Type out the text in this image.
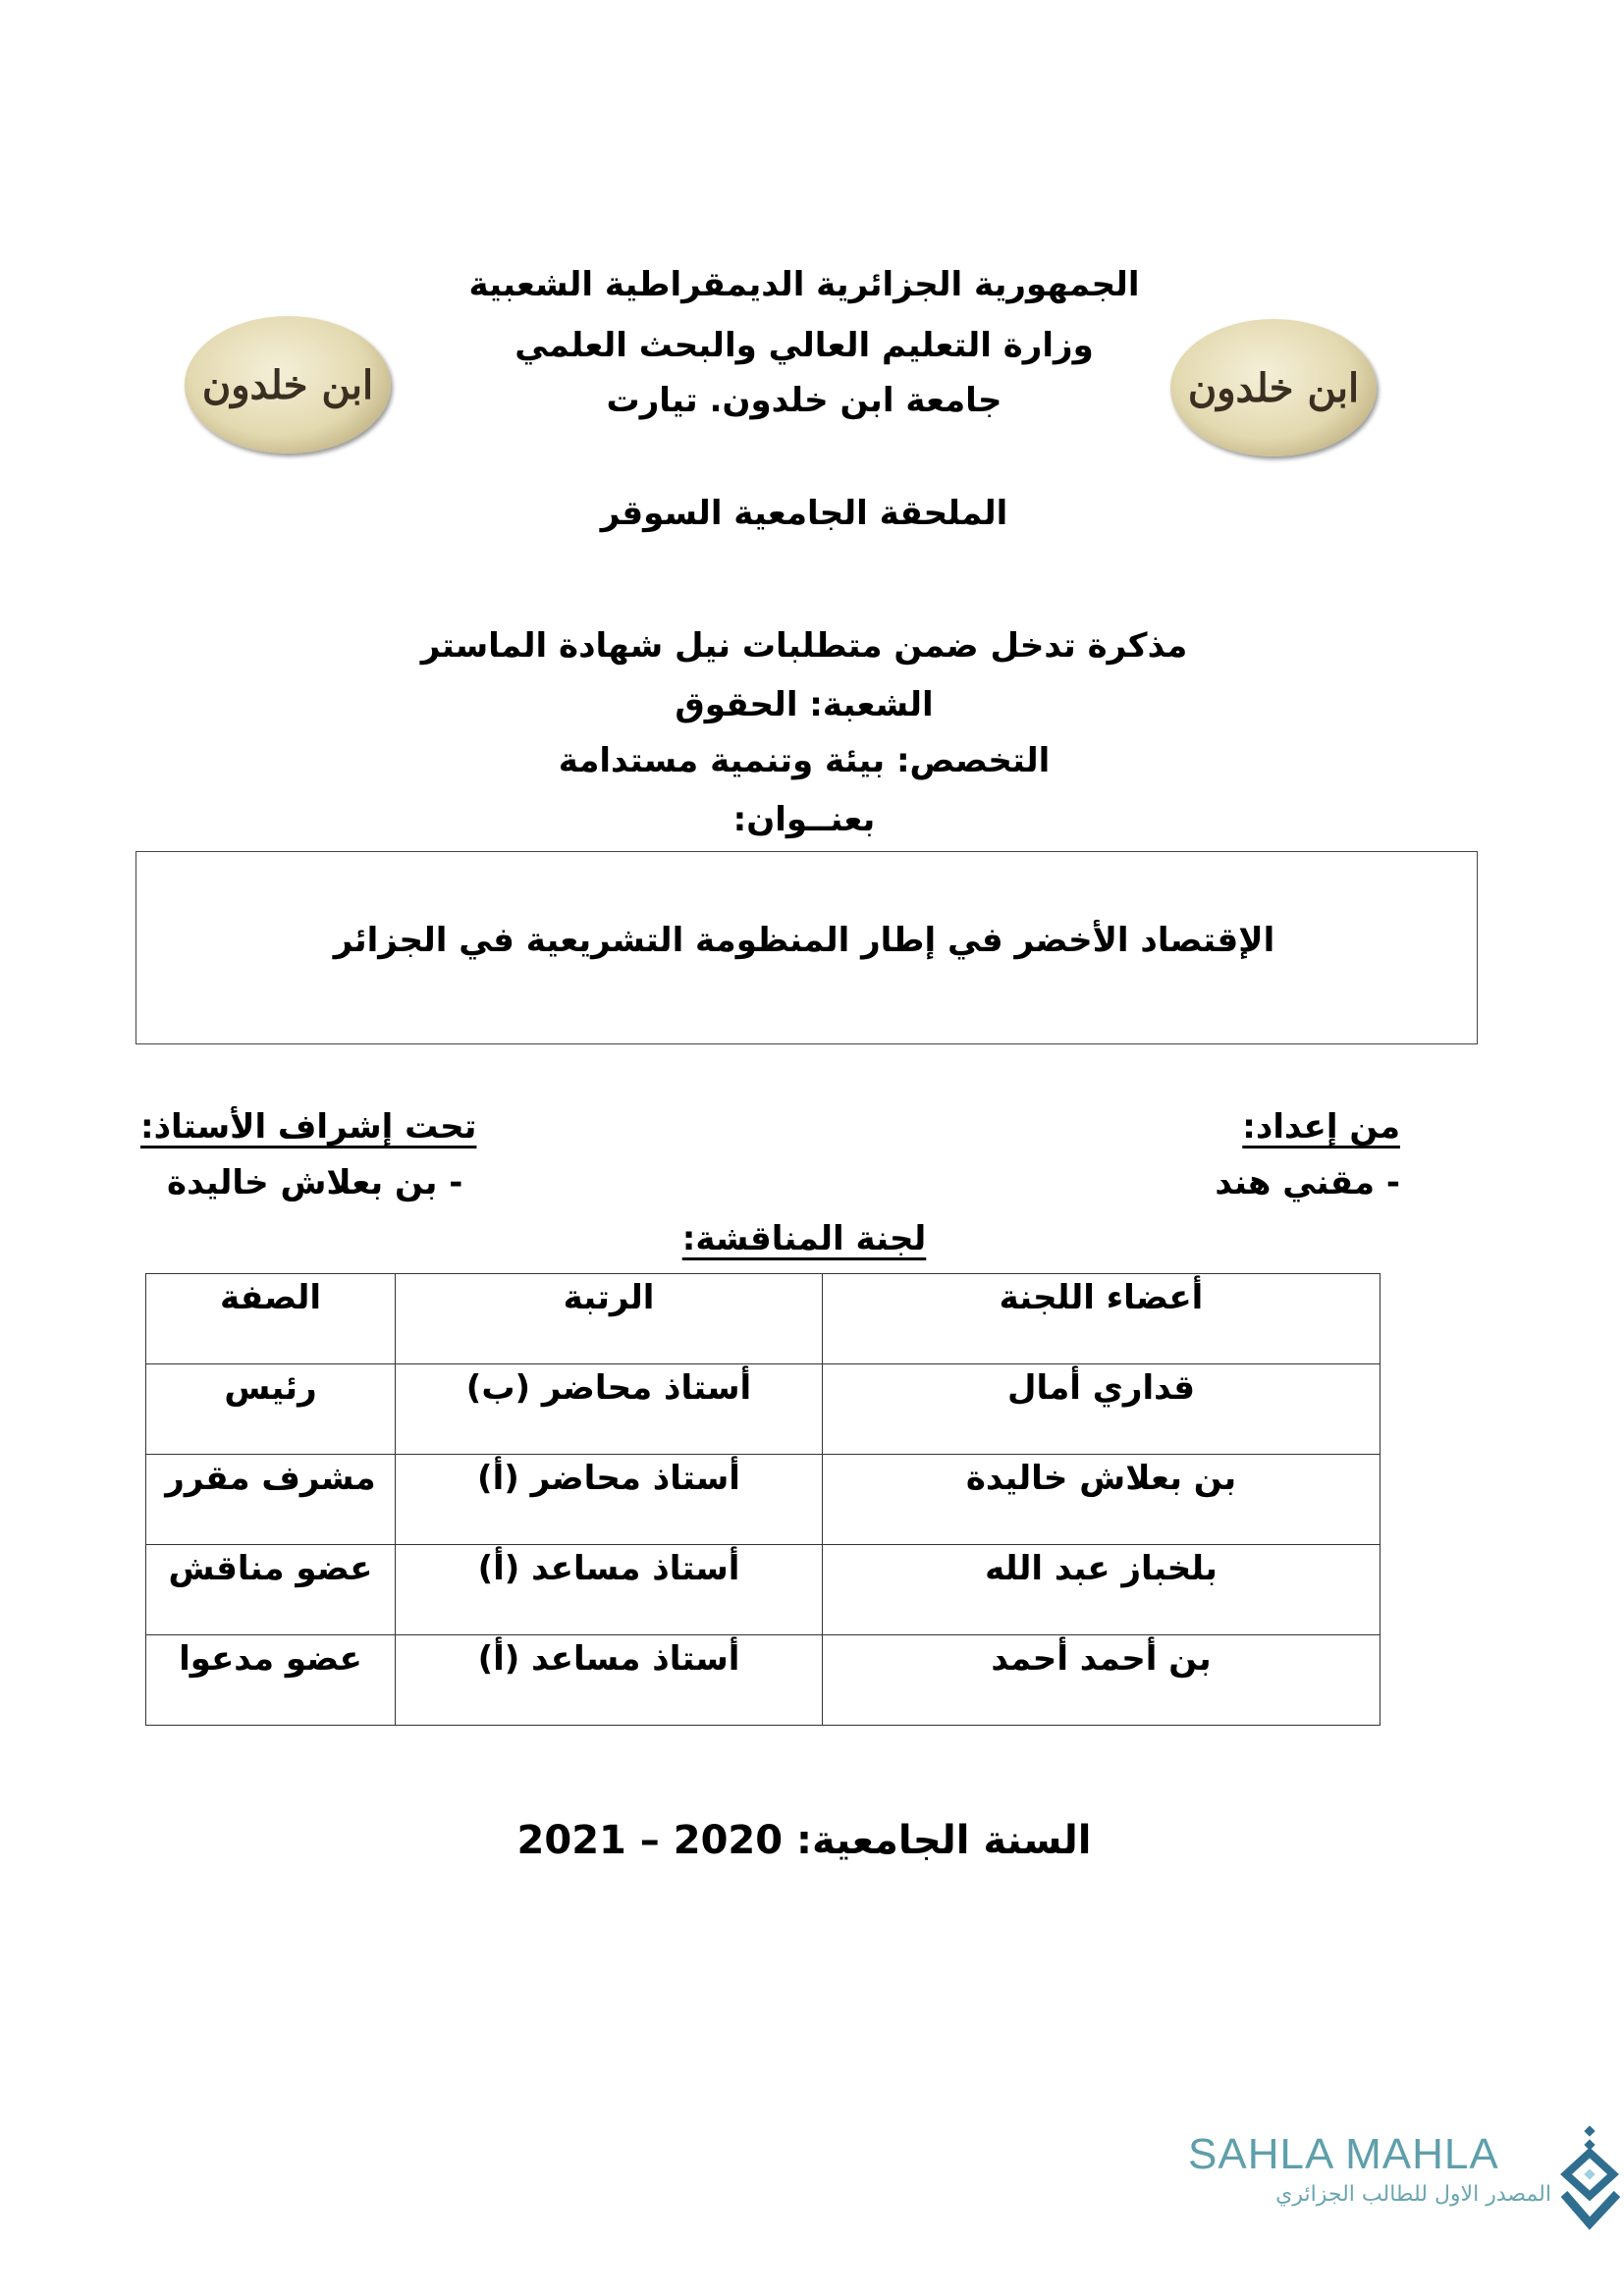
ابن خلدون	ابن خلدون
الجمهورية الجزائرية الديمقراطية الشعبية
وزارة التعليم العالي والبحث العلمي
جامعة ابن خلدون. تيارت
الملحقة الجامعية السوقر
مذكرة تدخل ضمن متطلبات نيل شهادة الماستر
الشعبة: الحقوق
التخصص: بيئة وتنمية مستدامة
بعنــوان:
الإقتصاد الأخضر في إطار المنظومة التشريعية في الجزائر
من إعداد:
- مقني هند
تحت إشراف الأستاذ:
- بن بعلاش خاليدة
لجنة المناقشة:
أعضاء اللجنة	الرتبة	الصفة
قداري أمال	أستاذ محاضر (ب)	رئيس
بن بعلاش خاليدة	أستاذ محاضر (أ)	مشرف مقرر
بلخباز عبد الله	أستاذ مساعد (أ)	عضو مناقش
بن أحمد أحمد	أستاذ مساعد (أ)	عضو مدعوا
السنة الجامعية: 2020 – 2021
SAHLA MAHLA
المصدر الاول للطالب الجزائري
